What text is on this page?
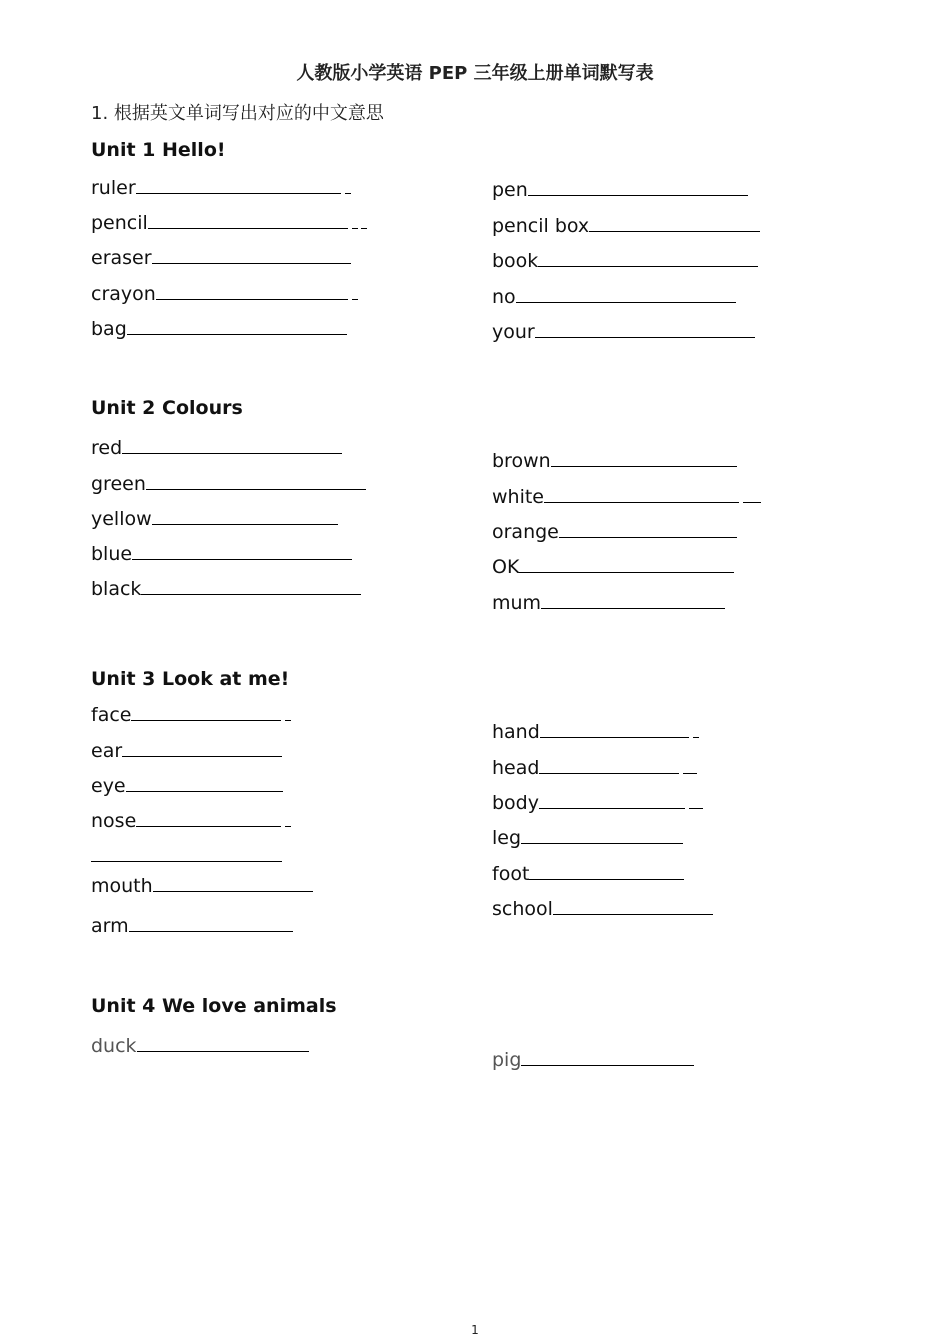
人教版小学英语 PEP 三年级上册单词默写表
1. 根据英文单词写出对应的中文意思
Unit 1 Hello!
ruler
pencil
eraser
crayon
bag
pen
pencil box
book
no
your
Unit 2 Colours
red
green
yellow
blue
black
brown
white
orange
OK
mum
Unit 3 Look at me!
face
ear
eye
nose
mouth
arm
hand
head
body
leg
foot
school
Unit 4 We love animals
duck
pig
1
